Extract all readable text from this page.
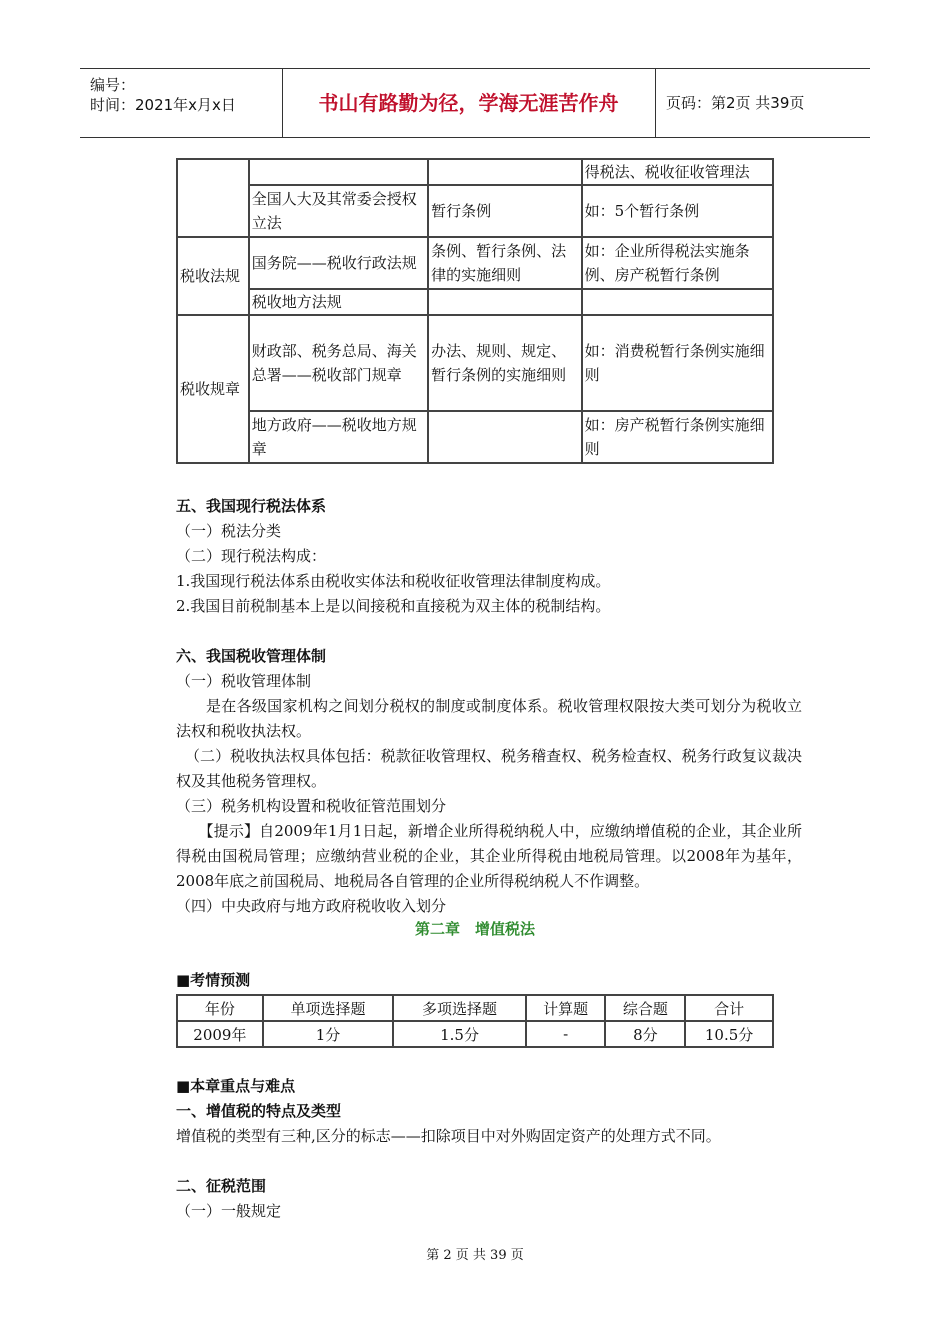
编号：
时间：2021年x月x日	书山有路勤为径，学海无涯苦作舟	页码：第2页 共39页
			得税法、税收征收管理法
	全国人大及其常委会授权立法	暂行条例	如：5个暂行条例
税收法规	国务院——税收行政法规	条例、暂行条例、法律的实施细则	如：企业所得税法实施条例、房产税暂行条例
	税收地方法规		
税收规章	财政部、税务总局、海关总署——税收部门规章	办法、规则、规定、暂行条例的实施细则	如：消费税暂行条例实施细则
	地方政府——税收地方规章		如：房产税暂行条例实施细则
五、我国现行税法体系
（一）税法分类
（二）现行税法构成：
1.我国现行税法体系由税收实体法和税收征收管理法律制度构成。
2.我国目前税制基本上是以间接税和直接税为双主体的税制结构。
六、我国税收管理体制
（一）税收管理体制
是在各级国家机构之间划分税权的制度或制度体系。税收管理权限按大类可划分为税收立法权和税收执法权。
（二）税收执法权具体包括：税款征收管理权、税务稽查权、税务检查权、税务行政复议裁决权及其他税务管理权。
（三）税务机构设置和税收征管范围划分
【提示】自2009年1月1日起，新增企业所得税纳税人中，应缴纳增值税的企业，其企业所得税由国税局管理；应缴纳营业税的企业，其企业所得税由地税局管理。以2008年为基年，2008年底之前国税局、地税局各自管理的企业所得税纳税人不作调整。
（四）中央政府与地方政府税收收入划分
第二章　增值税法
■考情预测
年份	单项选择题	多项选择题	计算题	综合题	合计
2009年	1分	1.5分	-	8分	10.5分
■本章重点与难点
一、增值税的特点及类型
增值税的类型有三种,区分的标志——扣除项目中对外购固定资产的处理方式不同。
二、征税范围
（一）一般规定
第 2 页 共 39 页
